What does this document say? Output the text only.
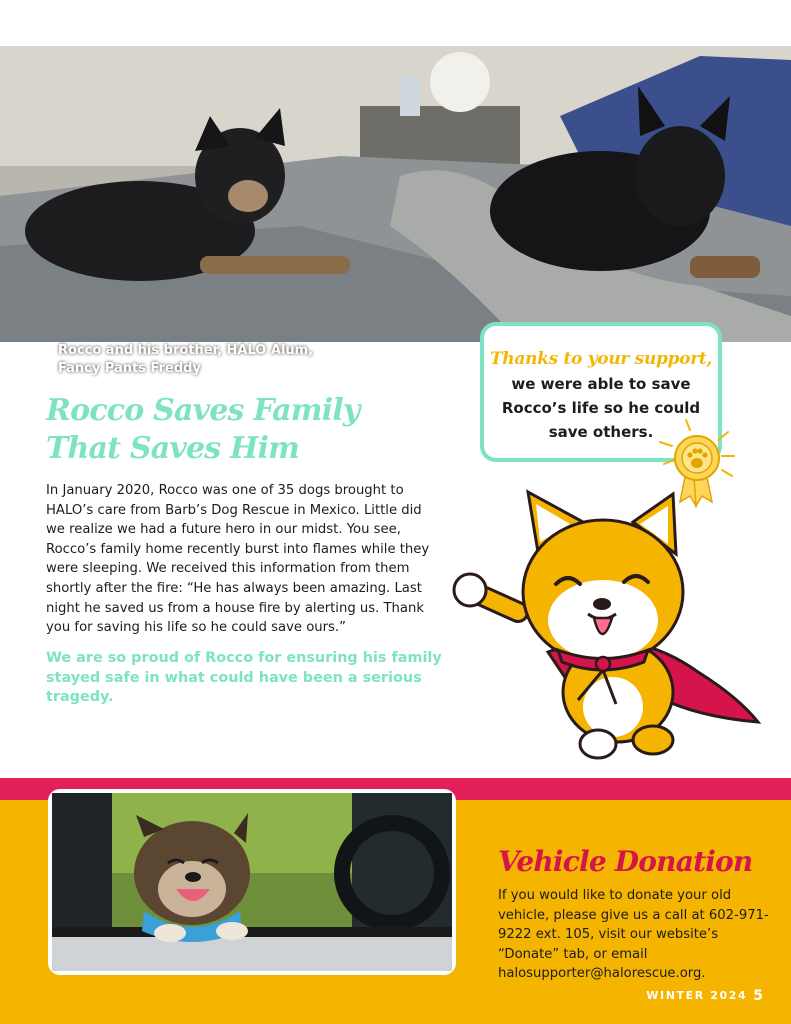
Rocco and his brother, HALO Alum, Fancy Pants Freddy	Thanks to your support,
we were able to save Rocco’s life so he could save others.
Rocco Saves Family That Saves Him
In January 2020, Rocco was one of 35 dogs brought to HALO’s care from Barb’s Dog Rescue in Mexico. Little did we realize we had a future hero in our midst. You see, Rocco’s family home recently burst into flames while they were sleeping. We received this information from them shortly after the fire: “He has always been amazing. Last night he saved us from a house fire by alerting us. Thank you for saving his life so he could save ours.”
We are so proud of Rocco for ensuring his family stayed safe in what could have been a serious tragedy.
Vehicle Donation
If you would like to donate your old vehicle, please give us a call at 602-971-9222 ext. 105, visit our website’s “Donate” tab, or email halosupporter@halorescue.org.
WINTER 2024 5
